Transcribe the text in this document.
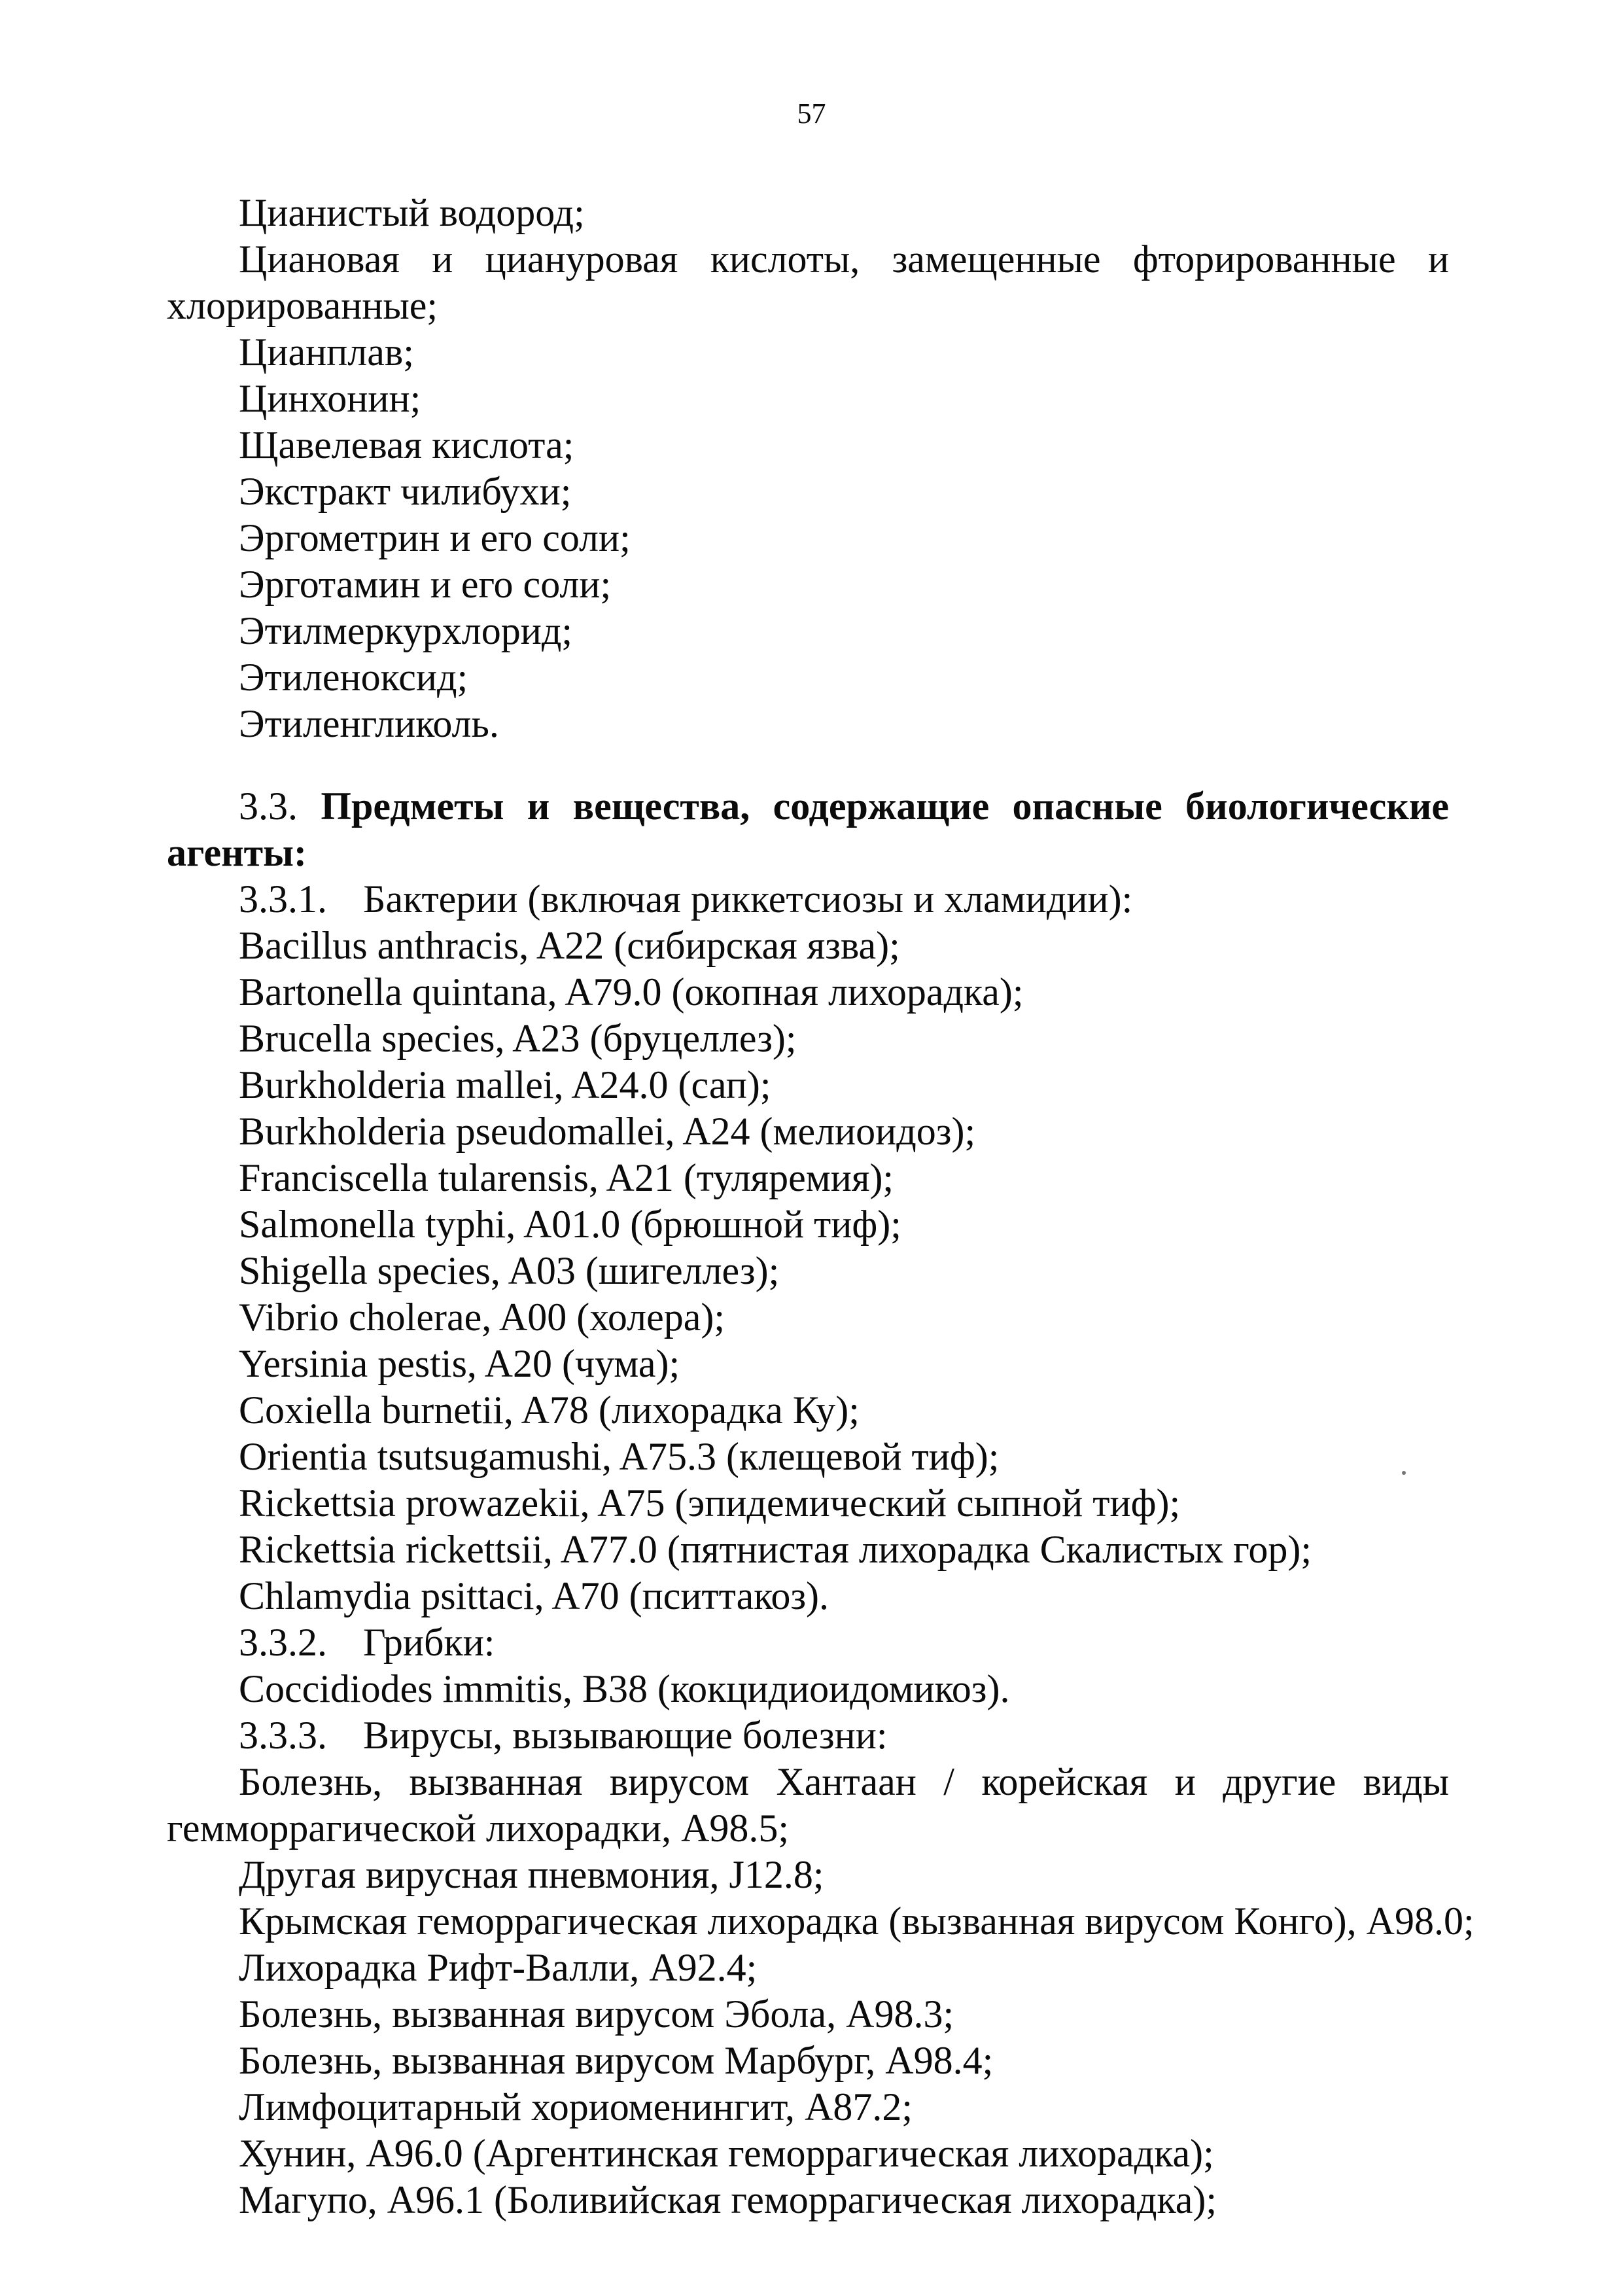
57
Цианистый водород;
Циановая и циануровая кислоты, замещенные фторированные и
хлорированные;
Цианплав;
Цинхонин;
Щавелевая кислота;
Экстракт чилибухи;
Эргометрин и его соли;
Эрготамин и его соли;
Этилмеркурхлорид;
Этиленоксид;
Этиленгликоль.
3.3. Предметы и вещества, содержащие опасные биологические
агенты:
3.3.1. Бактерии (включая риккетсиозы и хламидии):
Bacillus anthracis, A22 (сибирская язва);
Bartonella quintana, A79.0 (окопная лихорадка);
Brucella species, A23 (бруцеллез);
Burkholderia mallei, A24.0 (сап);
Burkholderia pseudomallei, A24 (мелиоидоз);
Franciscella tularensis, A21 (туляремия);
Salmonella typhi, A01.0 (брюшной тиф);
Shigella species, A03 (шигеллез);
Vibrio cholerae, A00 (холера);
Yersinia pestis, A20 (чума);
Coxiella burnetii, A78 (лихорадка Ку);
Orientia tsutsugamushi, A75.3 (клещевой тиф);
Rickettsia prowazekii, A75 (эпидемический сыпной тиф);
Rickettsia rickettsii, A77.0 (пятнистая лихорадка Скалистых гор);
Chlamydia psittaci, A70 (пситтакоз).
3.3.2. Грибки:
Coccidiodes immitis, B38 (кокцидиоидомикоз).
3.3.3. Вирусы, вызывающие болезни:
Болезнь, вызванная вирусом Хантаан / корейская и другие виды
гемморрагической лихорадки, A98.5;
Другая вирусная пневмония, J12.8;
Крымская геморрагическая лихорадка (вызванная вирусом Конго), A98.0;
Лихорадка Рифт-Валли, A92.4;
Болезнь, вызванная вирусом Эбола, A98.3;
Болезнь, вызванная вирусом Марбург, A98.4;
Лимфоцитарный хориоменингит, A87.2;
Хунин, A96.0 (Аргентинская геморрагическая лихорадка);
Магупо, A96.1 (Боливийская геморрагическая лихорадка);
